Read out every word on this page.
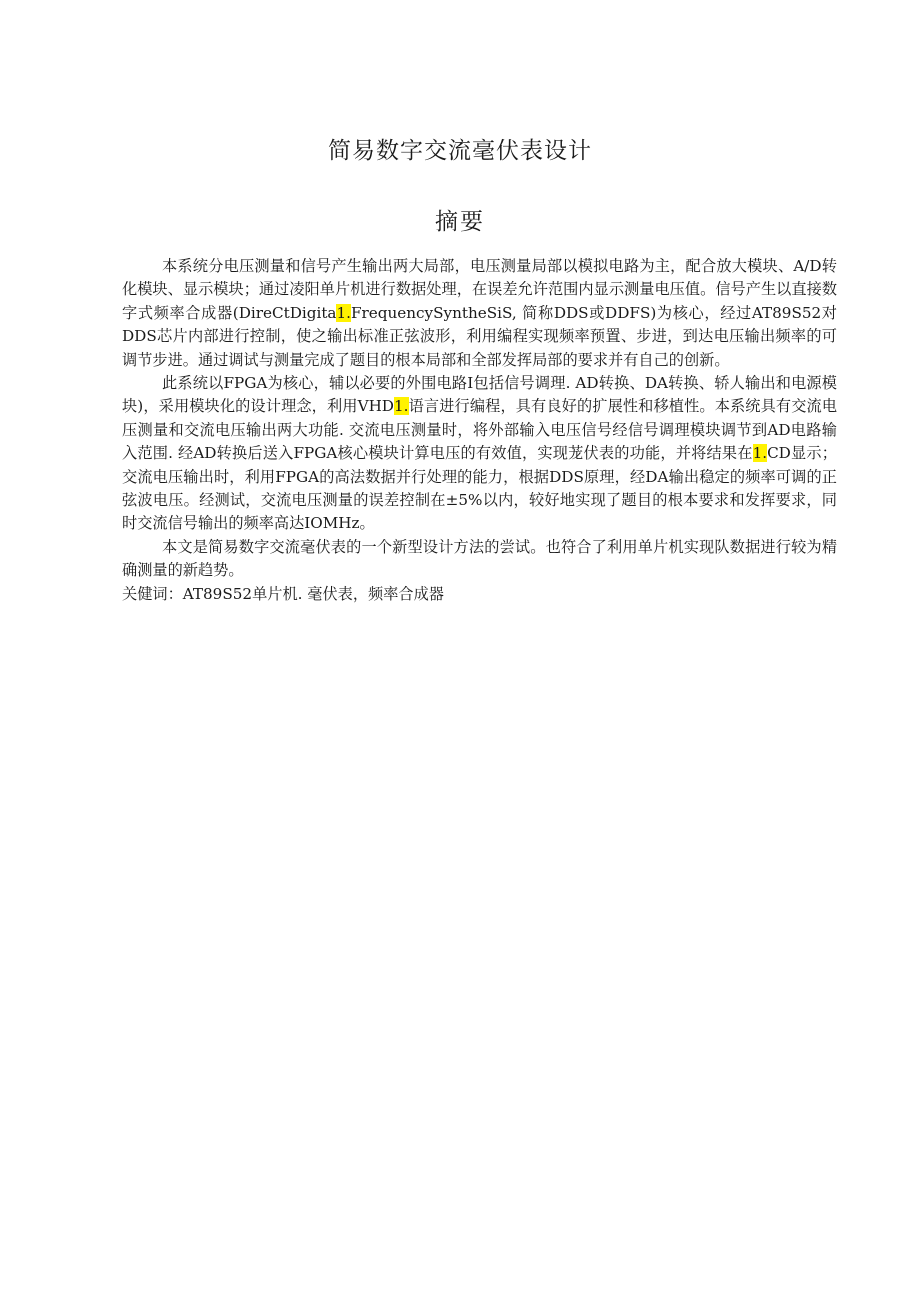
简易数字交流毫伏表设计
摘要

本系统分电压测量和信号产生输出两大局部，电压测量局部以模拟电路为主，配合放大模块、A/D转化模块、显示模块；通过凌阳单片机进行数据处理，在误差允许范围内显示测量电压值。信号产生以直接数字式频率合成器(DireCtDigita1.FrequencySyntheSiS, 简称DDS或DDFS)为核心，经过AT89S52对DDS芯片内部进行控制，使之输出标准正弦波形，利用编程实现频率预置、步进，到达电压输出频率的可调节步进。通过调试与测量完成了题目的根本局部和全部发挥局部的要求并有自己的创新。

此系统以FPGA为核心，辅以必要的外围电路I包括信号调理. AD转换、DA转换、轿人输出和电源模块)，采用模块化的设计理念，利用VHD1.语言进行编程，具有良好的扩展性和移植性。本系统具有交流电压测量和交流电压输出两大功能. 交流电压测量时，将外部输入电压信号经信号调理模块调节到AD电路输入范围. 经AD转换后送入FPGA核心模块计算电压的有效值，实现茏伏表的功能，并将结果在1.CD显示；交流电压输出时，利用FPGA的高法数据并行处理的能力，根据DDS原理，经DA输出稳定的频率可调的正弦波电压。经测试，交流电压测量的误差控制在±5%以内，较好地实现了题目的根本要求和发挥要求，同时交流信号输出的频率高达IOMHz。

本文是简易数字交流毫伏表的一个新型设计方法的尝试。也符合了利用单片机实现队数据进行较为精确测量的新趋势。

关健词：AT89S52单片机. 毫伏表，频率合成器
